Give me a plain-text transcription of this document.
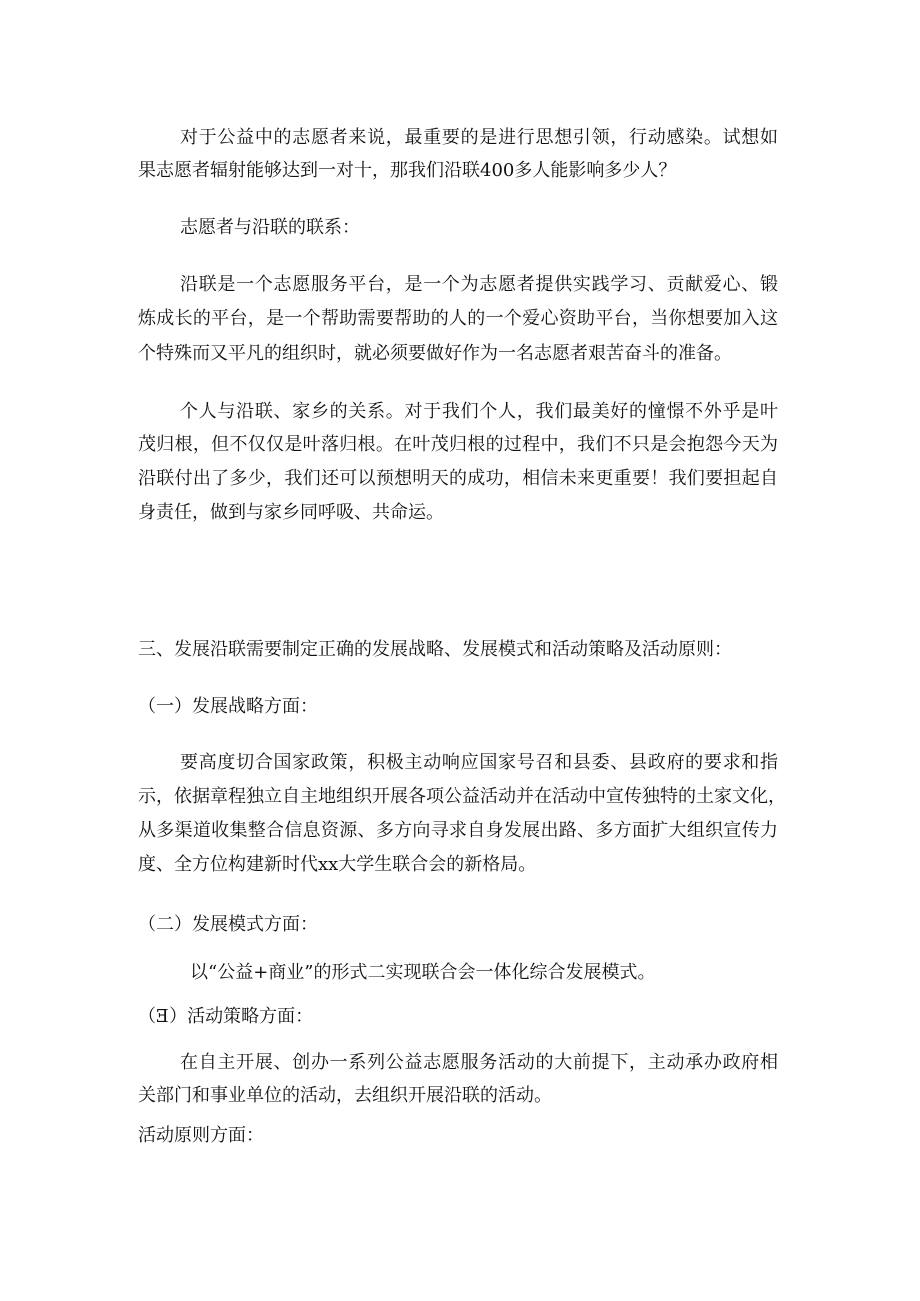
对于公益中的志愿者来说，最重要的是进行思想引领，行动感染。试想如
果志愿者辐射能够达到一对十，那我们沿联400多人能影响多少人？
志愿者与沿联的联系：
沿联是一个志愿服务平台，是一个为志愿者提供实践学习、贡献爱心、锻
炼成长的平台，是一个帮助需要帮助的人的一个爱心资助平台，当你想要加入这
个特殊而又平凡的组织时，就必须要做好作为一名志愿者艰苦奋斗的准备。
个人与沿联、家乡的关系。对于我们个人，我们最美好的憧憬不外乎是叶
茂归根，但不仅仅是叶落归根。在叶茂归根的过程中，我们不只是会抱怨今天为
沿联付出了多少，我们还可以预想明天的成功，相信未来更重要！我们要担起自
身责任，做到与家乡同呼吸、共命运。
三、发展沿联需要制定正确的发展战略、发展模式和活动策略及活动原则：
（一）发展战略方面：
要高度切合国家政策，积极主动响应国家号召和县委、县政府的要求和指
示，依据章程独立自主地组织开展各项公益活动并在活动中宣传独特的土家文化，
从多渠道收集整合信息资源、多方向寻求自身发展出路、多方面扩大组织宣传力
度、全方位构建新时代xx大学生联合会的新格局。
（二）发展模式方面：
以“公益+商业”的形式二实现联合会一体化综合发展模式。
（Ǝ）活动策略方面：
在自主开展、创办一系列公益志愿服务活动的大前提下，主动承办政府相
关部门和事业单位的活动，去组织开展沿联的活动。
活动原则方面：
